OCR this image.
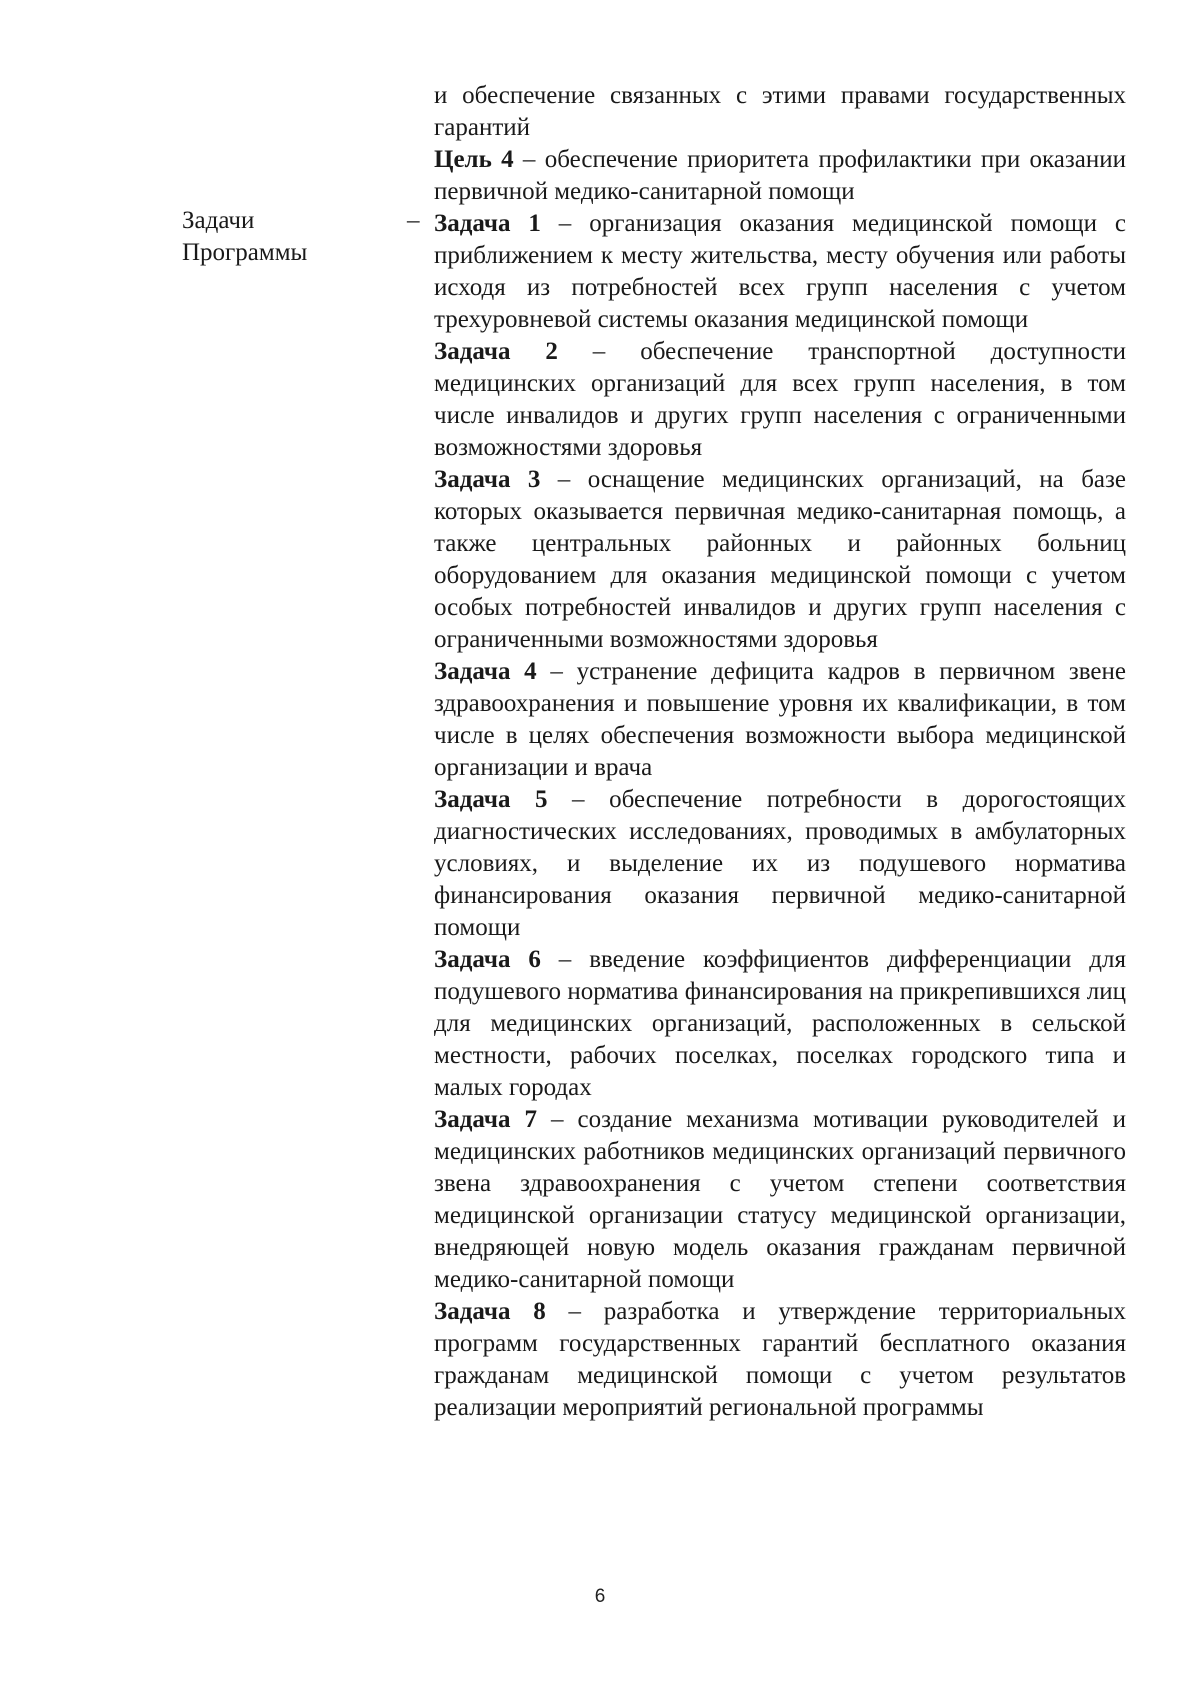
и обеспечение связанных с этими правами государственных гарантий

Цель 4 – обеспечение приоритета профилактики при оказании первичной медико-санитарной помощи

Задача 1 – организация оказания медицинской помощи с приближением к месту жительства, месту обучения или работы исходя из потребностей всех групп населения с учетом трехуровневой системы оказания медицинской помощи

Задача 2 – обеспечение транспортной доступности медицинских организаций для всех групп населения, в том числе инвалидов и других групп населения с ограниченными возможностями здоровья

Задача 3 – оснащение медицинских организаций, на базе которых оказывается первичная медико-санитарная помощь, а также центральных районных и районных больниц оборудованием для оказания медицинской помощи с учетом особых потребностей инвалидов и других групп населения с ограниченными возможностями здоровья

Задача 4 – устранение дефицита кадров в первичном звене здравоохранения и повышение уровня их квалификации, в том числе в целях обеспечения возможности выбора медицинской организации и врача

Задача 5 – обеспечение потребности в дорогостоящих диагностических исследованиях, проводимых в амбулаторных условиях, и выделение их из подушевого норматива финансирования оказания первичной медико-санитарной помощи

Задача 6 – введение коэффициентов дифференциации для подушевого норматива финансирования на прикрепившихся лиц для медицинских организаций, расположенных в сельской местности, рабочих поселках, поселках городского типа и малых городах

Задача 7 – создание механизма мотивации руководителей и медицинских работников медицинских организаций первичного звена здравоохранения с учетом степени соответствия медицинской организации статусу медицинской организации, внедряющей новую модель оказания гражданам первичной медико-санитарной помощи

Задача 8 – разработка и утверждение территориальных программ государственных гарантий бесплатного оказания гражданам медицинской помощи с учетом результатов реализации мероприятий региональной программы

Задачи
Программы
–
6
